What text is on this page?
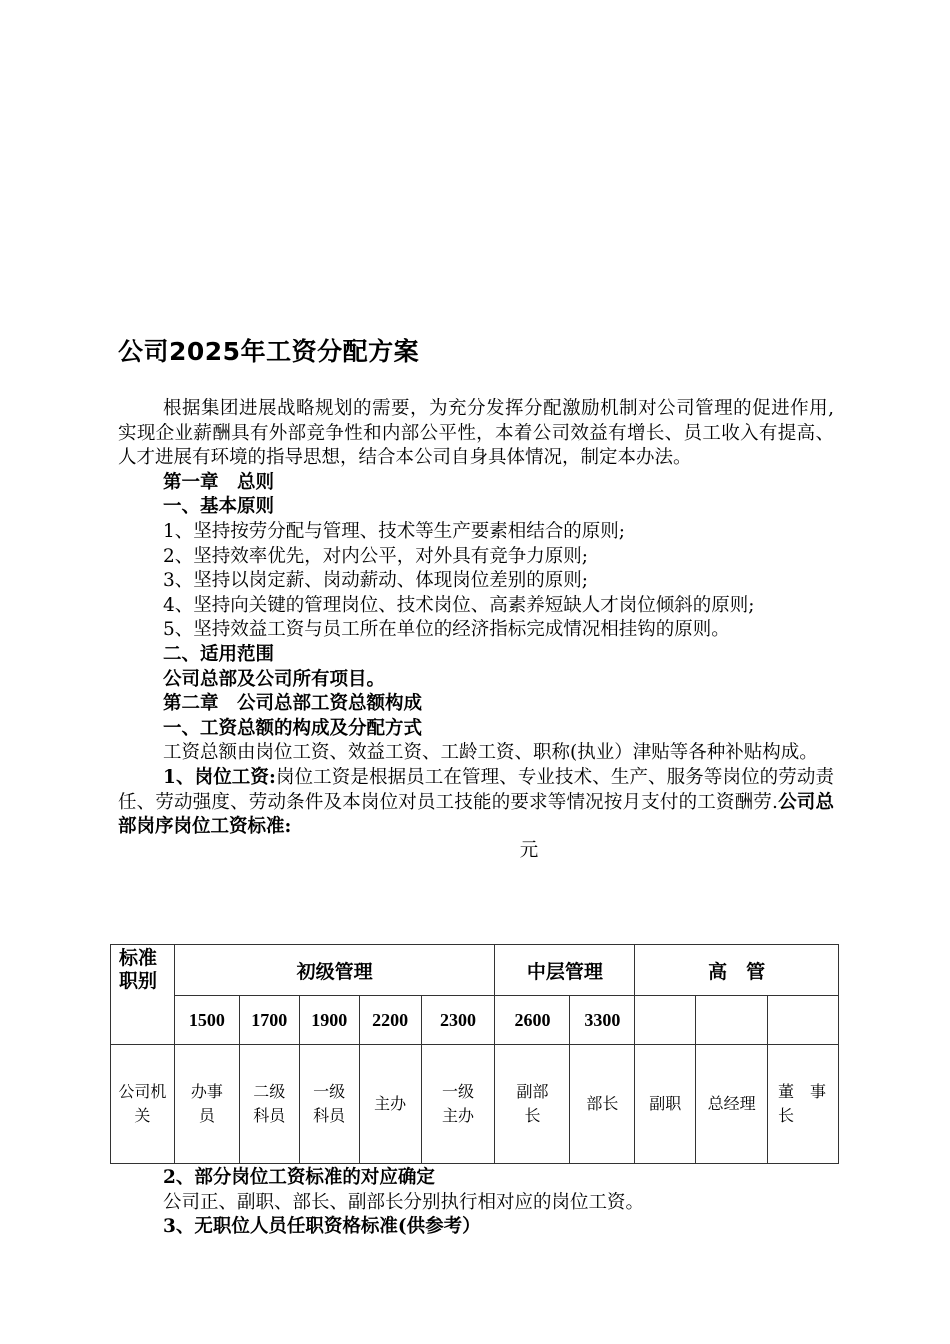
公司2025年工资分配方案

根据集团进展战略规划的需要，为充分发挥分配激励机制对公司管理的促进作用,实现企业薪酬具有外部竞争性和内部公平性，本着公司效益有增长、员工收入有提高、人才进展有环境的指导思想，结合本公司自身具体情况，制定本办法。

第一章　总则

一、基本原则

1、坚持按劳分配与管理、技术等生产要素相结合的原则;

2、坚持效率优先，对内公平，对外具有竞争力原则;

3、坚持以岗定薪、岗动薪动、体现岗位差别的原则;

4、坚持向关键的管理岗位、技术岗位、高素养短缺人才岗位倾斜的原则;

5、坚持效益工资与员工所在单位的经济指标完成情况相挂钩的原则。

二、适用范围

公司总部及公司所有项目。

第二章　公司总部工资总额构成

一、工资总额的构成及分配方式

工资总额由岗位工资、效益工资、工龄工资、职称(执业）津贴等各种补贴构成。

1、岗位工资:岗位工资是根据员工在管理、专业技术、生产、服务等岗位的劳动责任、劳动强度、劳动条件及本岗位对员工技能的要求等情况按月支付的工资酬劳.公司总部岗序岗位工资标准:

元

标准
职别	初级管理					中层管理		高　管		
	1500	1700	1900	2200	2300	2600	3300			
公司机关	办事员	二级科员	一级科员	主办	一级主办	副部长	部长	副职	总经理	董　事长

2、部分岗位工资标准的对应确定

公司正、副职、部长、副部长分别执行相对应的岗位工资。

3、无职位人员任职资格标准(供参考）
